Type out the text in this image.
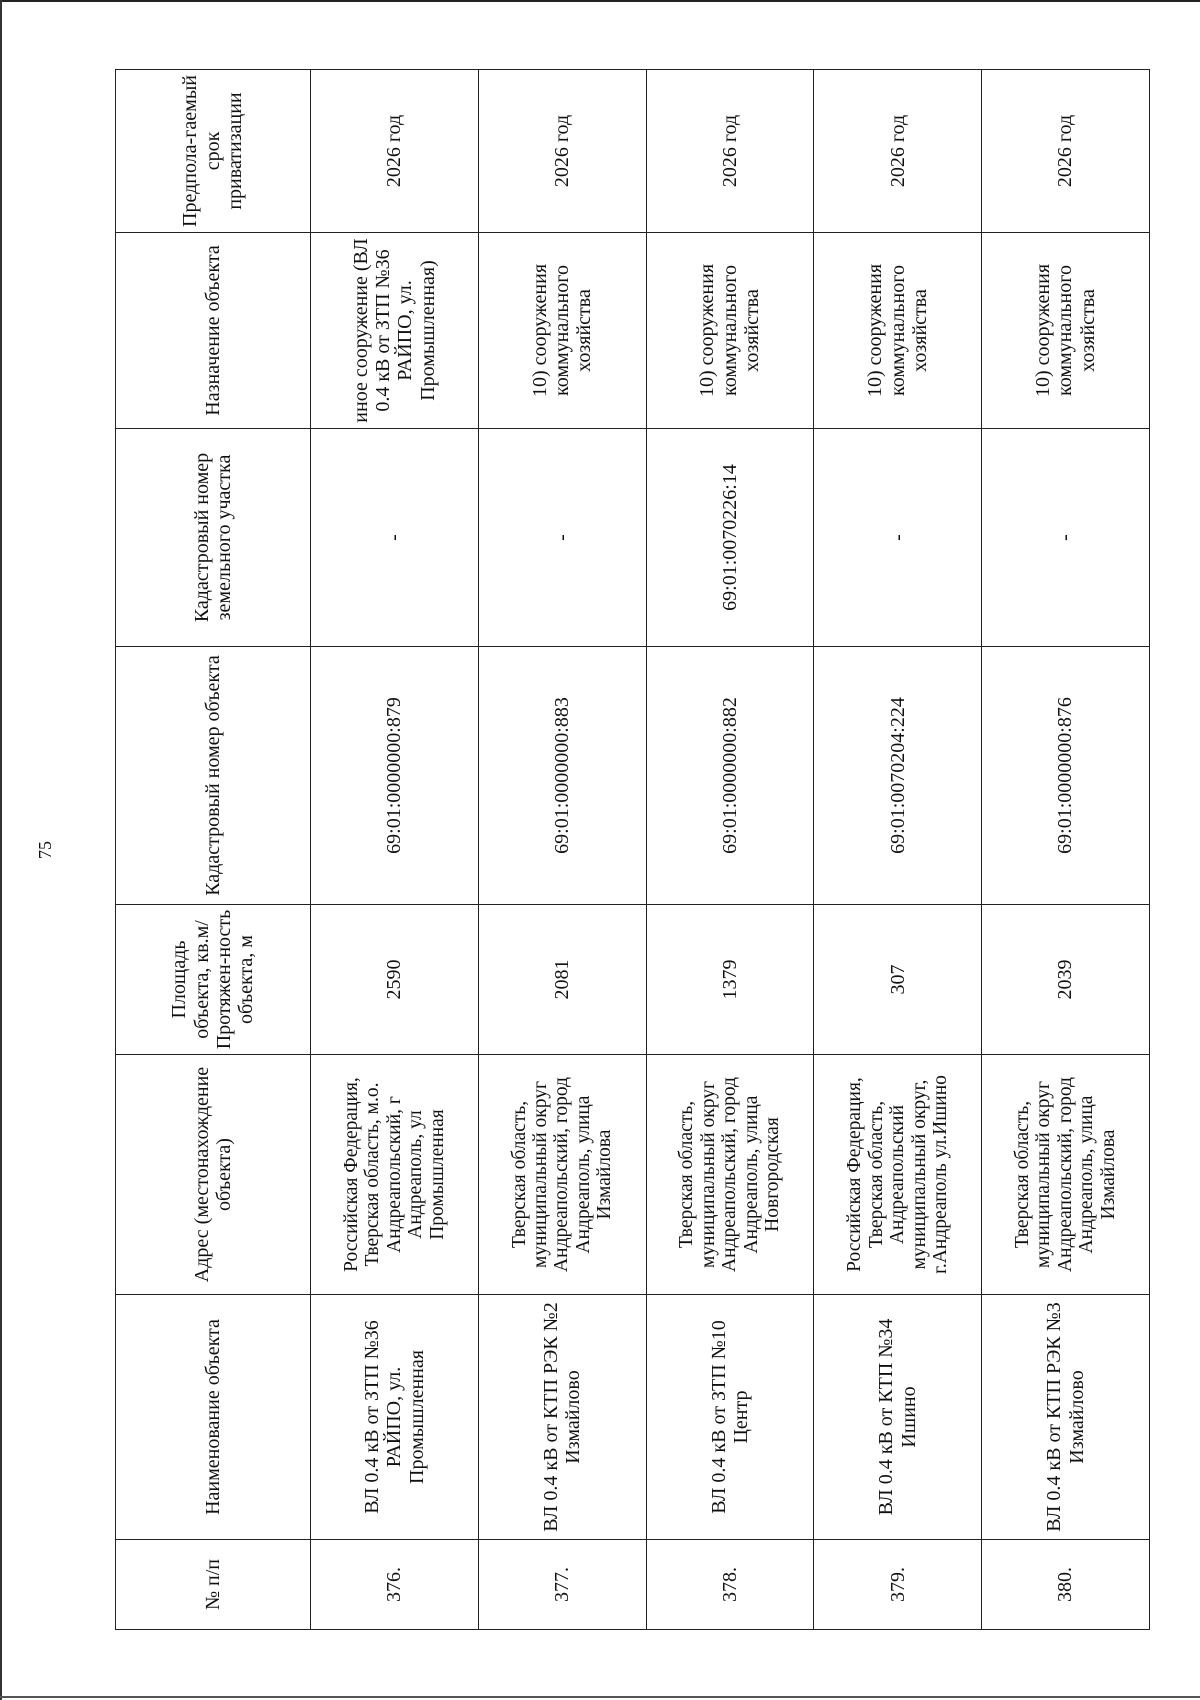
75
№ п/п	Наименование объекта	Адрес (местонахождение объекта)	Площадь объекта, кв.м/ Протяжен-ность объекта, м	Кадастровый номер объекта	Кадастровый номер земельного участка	Назначение объекта	Предпола-гаемый срок приватизации
376.	ВЛ 0.4 кВ от ЗТП №36 РАЙПО, ул. Промышленная	Российская Федерация, Тверская область, м.о. Андреапольский, г Андреаполь, ул Промышленная	2590	69:01:0000000:879	-	иное сооружение (ВЛ 0.4 кВ от ЗТП №36 РАЙПО, ул. Промышленная)	2026 год
377.	ВЛ 0.4 кВ от КТП РЭК №2 Измайлово	Тверская область, муниципальный округ Андреапольский, город Андреаполь, улица Измайлова	2081	69:01:0000000:883	-	10) сооружения коммунального хозяйства	2026 год
378.	ВЛ 0.4 кВ от ЗТП №10 Центр	Тверская область, муниципальный округ Андреапольский, город Андреаполь, улица Новгородская	1379	69:01:0000000:882	69:01:0070226:14	10) сооружения коммунального хозяйства	2026 год
379.	ВЛ 0.4 кВ от КТП №34 Ишино	Российская Федерация, Тверская область, Андреапольский муниципальный округ, г.Андреаполь ул.Ишино	307	69:01:0070204:224	-	10) сооружения коммунального хозяйства	2026 год
380.	ВЛ 0.4 кВ от КТП РЭК №3 Измайлово	Тверская область, муниципальный округ Андреапольский, город Андреаполь, улица Измайлова	2039	69:01:0000000:876	-	10) сооружения коммунального хозяйства	2026 год
